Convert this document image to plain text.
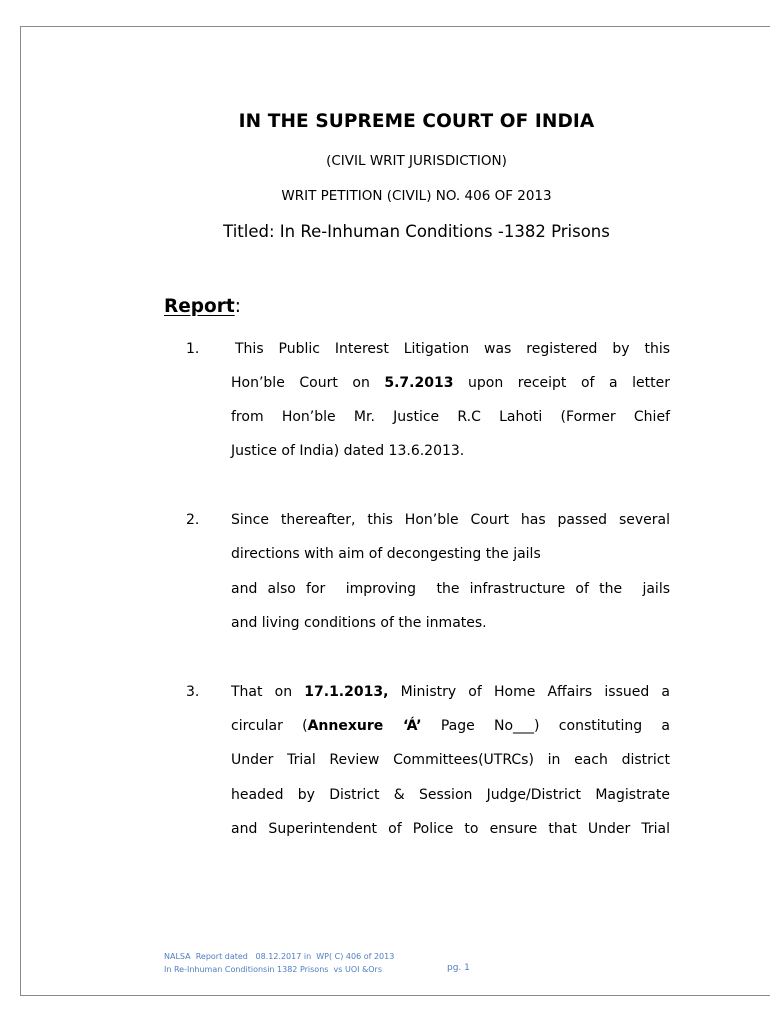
IN THE SUPREME COURT OF INDIA
(CIVIL WRIT JURISDICTION)
WRIT PETITION (CIVIL) NO. 406 OF 2013
Titled: In Re-Inhuman Conditions -1382 Prisons
Report:
1.	This Public Interest Litigation was registered by this
Hon’ble Court on 5.7.2013 upon receipt of a letter
from Hon’ble Mr. Justice R.C Lahoti (Former Chief
Justice of India) dated 13.6.2013.
2. Since thereafter, this Hon’ble Court has passed several
directions with aim of decongesting the jails
and also for  improving  the infrastructure of the  jails
and living conditions of the inmates.
3. That on 17.1.2013, Ministry of Home Affairs issued a
circular (Annexure ‘Á’ Page No___) constituting a
Under Trial Review Committees(UTRCs) in each district
headed by District & Session Judge/District Magistrate
and Superintendent of Police to ensure that Under Trial
NALSA  Report dated   08.12.2017 in  WP( C) 406 of 2013
In Re-Inhuman Conditionsin 1382 Prisons  vs UOI &Ors	pg. 1
